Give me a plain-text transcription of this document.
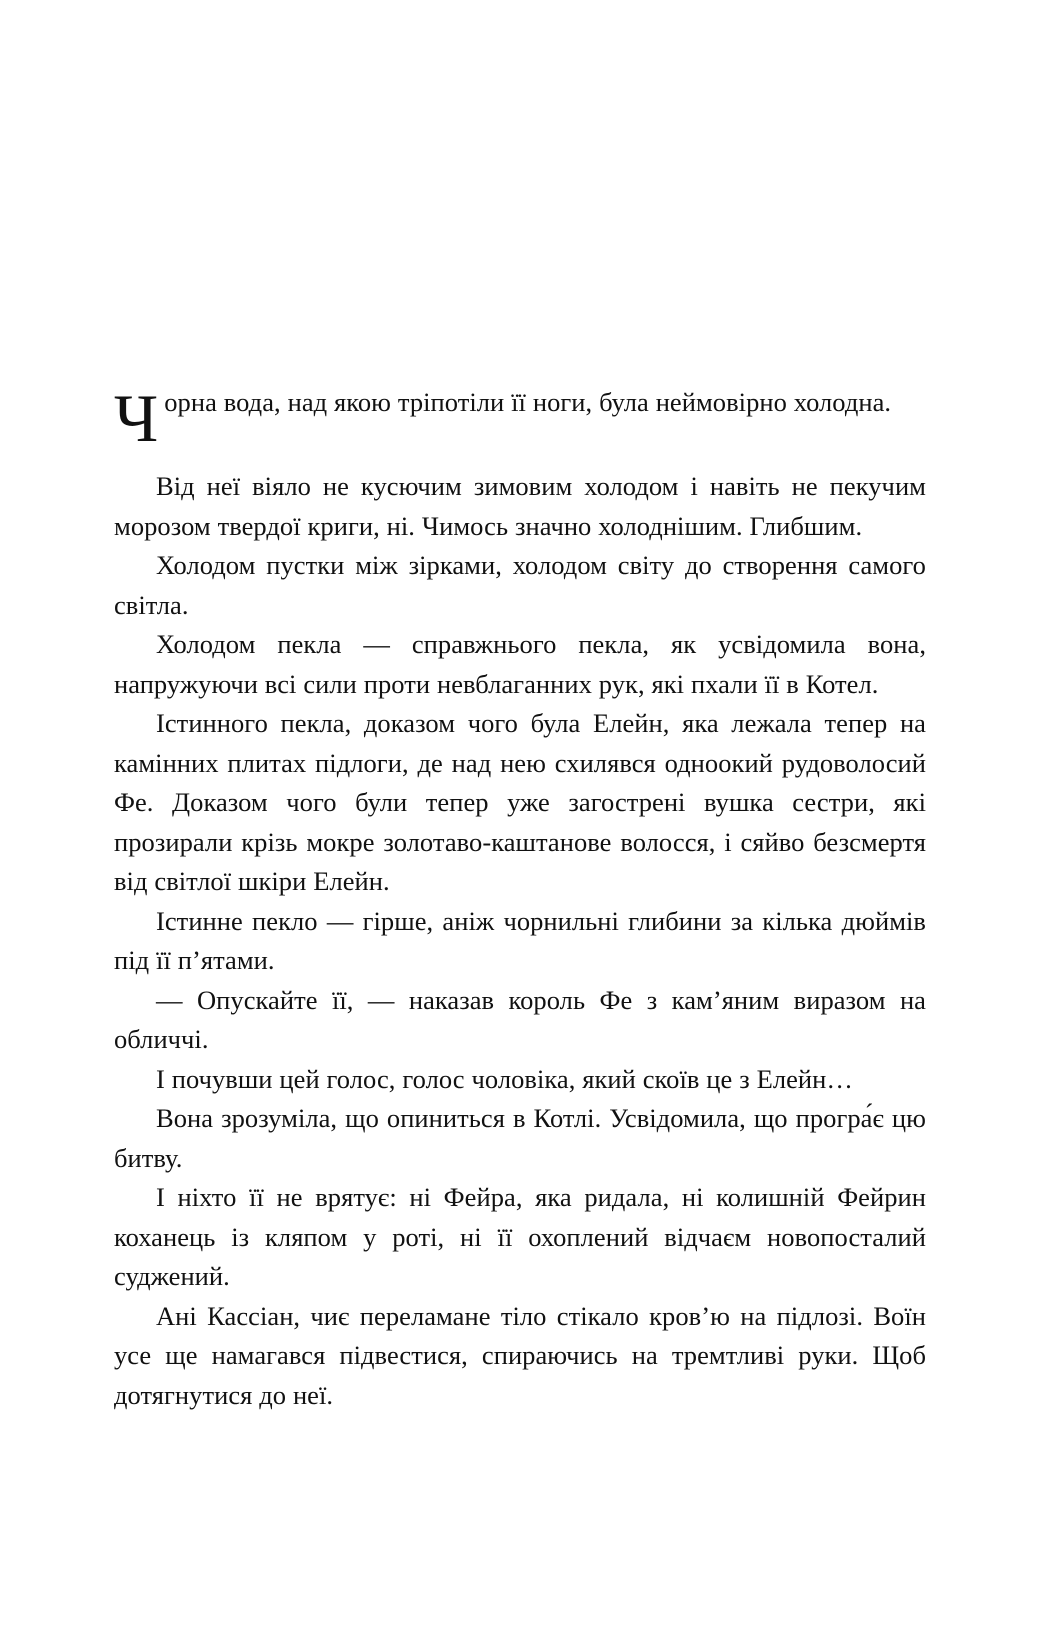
Чорна вода, над якою тріпотіли її ноги, була неймовірно холодна.

Від неї віяло не кусючим зимовим холодом і навіть не пекучим морозом твердої криги, ні. Чимось значно холоднішим. Глибшим.

Холодом пустки між зірками, холодом світу до створення самого світла.

Холодом пекла — справжнього пекла, як усвідомила вона, напружуючи всі сили проти невблаганних рук, які пхали її в Котел.

Істинного пекла, доказом чого була Елейн, яка лежала тепер на камінних плитах підлоги, де над нею схилявся одноокий рудоволосий Фе. Доказом чого були тепер уже загострені вушка сестри, які прозирали крізь мокре золотаво-каштанове волосся, і сяйво безсмертя від світлої шкіри Елейн.

Істинне пекло — гірше, аніж чорнильні глибини за кілька дюймів під її п’ятами.

— Опускайте її, — наказав король Фе з кам’яним виразом на обличчі.

І почувши цей голос, голос чоловіка, який скоїв це з Елейн…

Вона зрозуміла, що опиниться в Котлі. Усвідомила, що програ́є цю битву.

І ніхто її не врятує: ні Фейра, яка ридала, ні колишній Фейрин коханець із кляпом у роті, ні її охоплений відчаєм новопосталий суджений.

Ані Кассіан, чиє переламане тіло стікало кров’ю на підлозі. Воїн усе ще намагався підвестися, спираючись на тремтливі руки. Щоб дотягнутися до неї.
